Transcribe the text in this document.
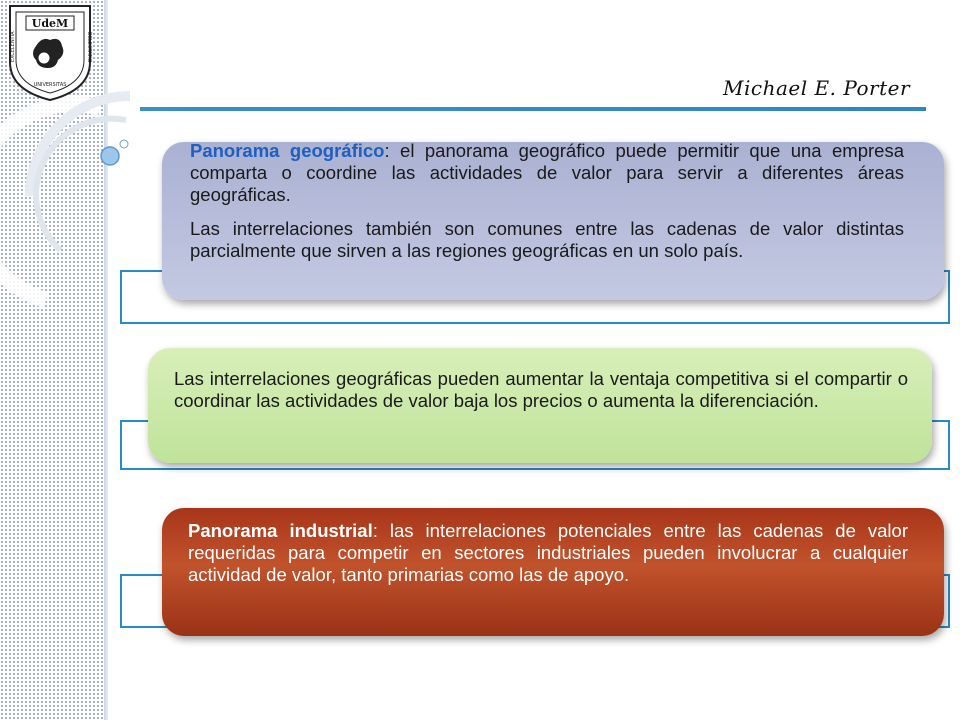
UdeM
EXCELENTIA	DELECTATIO
UNIVERSITAS	Michael E. Porter

Panorama geográfico: el panorama geográfico puede permitir que una empresa comparta o coordine las actividades de valor para servir a diferentes áreas geográficas.

Las interrelaciones también son comunes entre las cadenas de valor distintas parcialmente que sirven a las regiones geográficas en un solo país.

Las interrelaciones geográficas pueden aumentar la ventaja competitiva si el compartir o coordinar las actividades de valor baja los precios o aumenta la diferenciación.

Panorama industrial: las interrelaciones potenciales entre las cadenas de valor requeridas para competir en sectores industriales pueden involucrar a cualquier actividad de valor, tanto primarias como las de apoyo.
